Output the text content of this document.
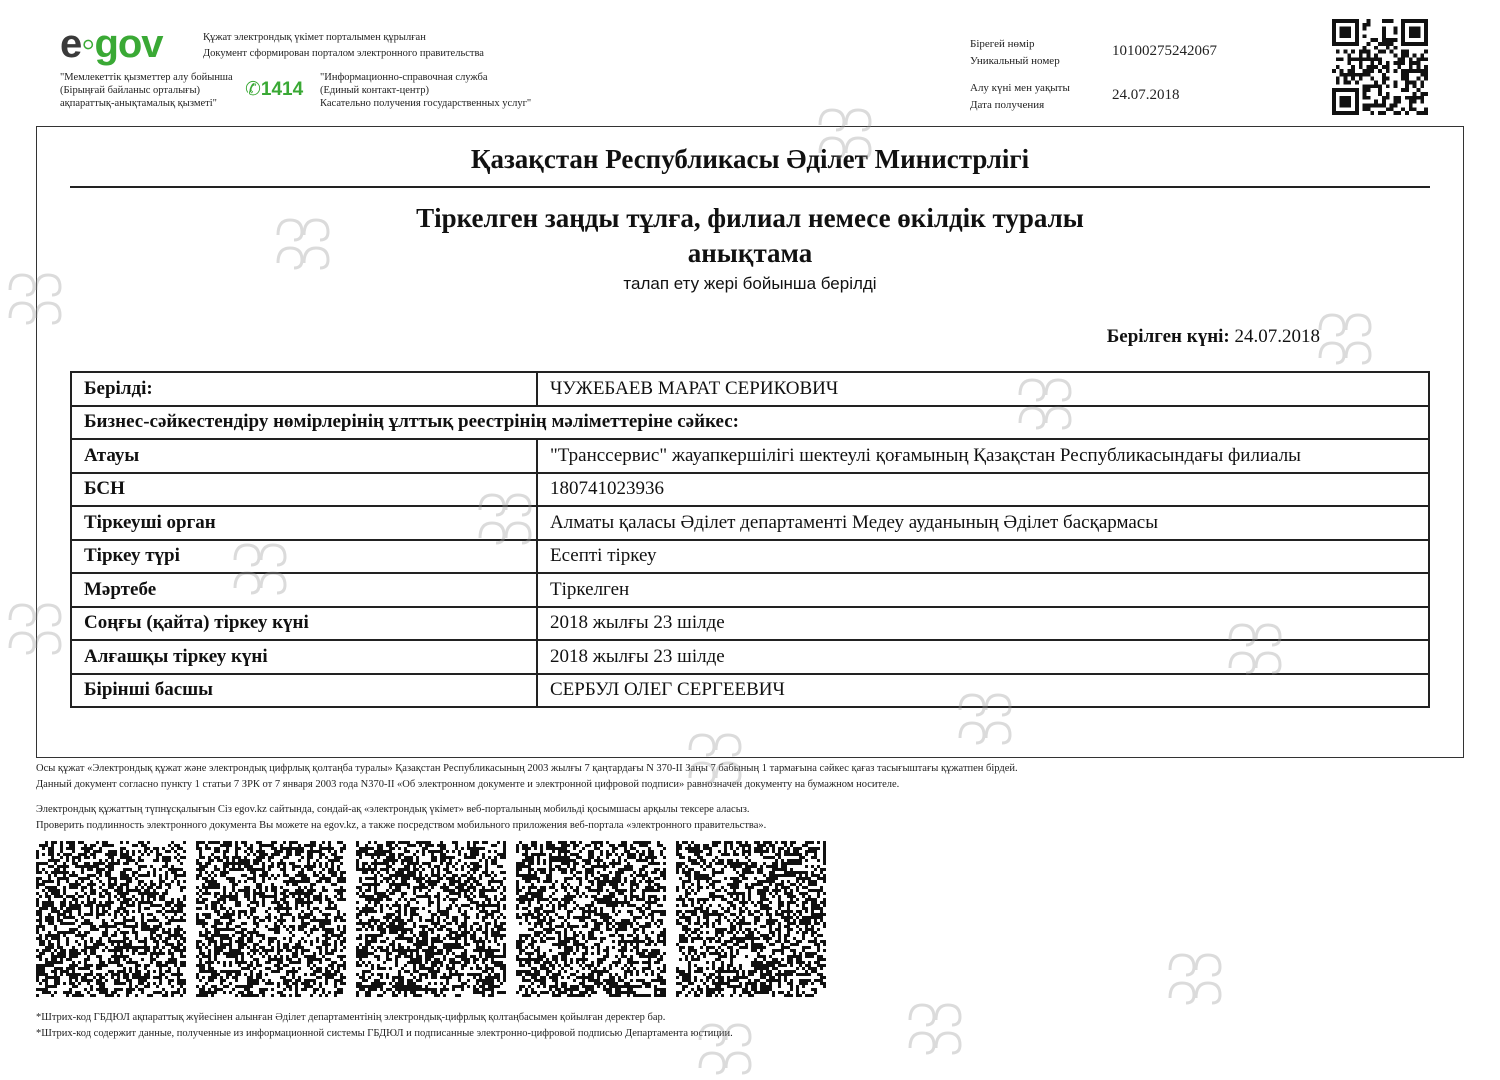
e◦gov	Құжат электрондық үкімет порталымен құрылған
Документ сформирован порталом электронного правительства
"Мемлекеттік қызметтер алу бойынша
(Бірыңғай байланыс орталығы)
ақпараттық-анықтамалық қызметі"
✆1414
"Информационно-справочная служба
(Единый контакт-центр)
Касательно получения государственных услуг"
Бірегей нөмір
Уникальный номер
10100275242067
Алу күні мен уақыты
Дата получения
24.07.2018
Қазақстан Республикасы Әділет Министрлігі
Тіркелген заңды тұлға, филиал немесе өкілдік туралы
анықтама
талап ету жері бойынша берілді
Берілген күні: 24.07.2018
Берілді:	ЧУЖЕБАЕВ МАРАТ СЕРИКОВИЧ
Бизнес-сәйкестендіру нөмірлерінің ұлттық реестрінің мәліметтеріне сәйкес:	
Атауы	"Транссервис" жауапкершілігі шектеулі қоғамының Қазақстан Республикасындағы филиалы
БСН	180741023936
Тіркеуші орган	Алматы қаласы Әділет департаменті Медеу ауданының Әділет басқармасы
Тіркеу түрі	Есепті тіркеу
Мәртебе	Тіркелген
Соңғы (қайта) тіркеу күні	2018 жылғы 23 шілде
Алғашқы тіркеу күні	2018 жылғы 23 шілде
Бірінші басшы	СЕРБУЛ ОЛЕГ СЕРГЕЕВИЧ
Осы құжат «Электрондық құжат және электрондық цифрлық қолтаңба туралы» Қазақстан Республикасының 2003 жылғы 7 қаңтардағы N 370-II Заңы 7 бабының 1 тармағына сәйкес қағаз тасығыштағы құжатпен бірдей.
Данный документ согласно пункту 1 статьи 7 ЗРК от 7 января 2003 года N370-II «Об электронном документе и электронной цифровой подписи» равнозначен документу на бумажном носителе.
Электрондық құжаттың түпнұсқалығын Сіз egov.kz сайтында, сондай-ақ «электрондық үкімет» веб-порталының мобильді қосымшасы арқылы тексере аласыз.
Проверить подлинность электронного документа Вы можете на egov.kz, а также посредством мобильного приложения веб-портала «электронного правительства».
*Штрих-код ГБДЮЛ ақпараттық жүйесінен алынған Әділет департаментінің электрондық-цифрлық қолтаңбасымен қойылған деректер бар.
*Штрих-код содержит данные, полученные из информационной системы ГБДЮЛ и подписанные электронно-цифровой подписью Департамента юстиции.
